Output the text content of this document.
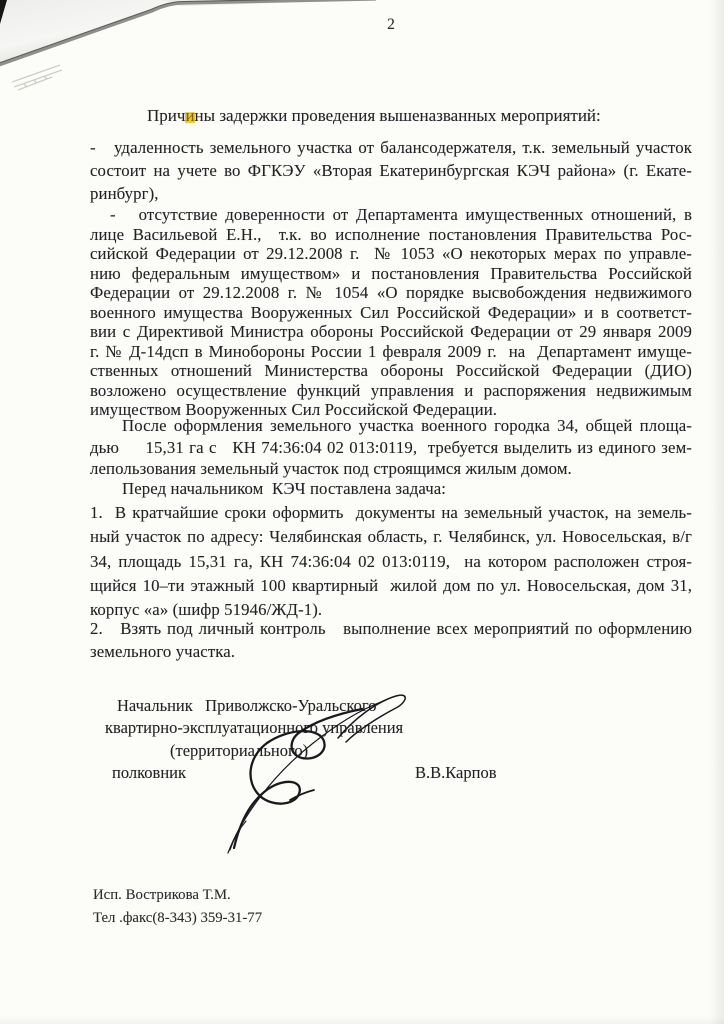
2
Причины задержки проведения вышеназванных мероприятий:
-   удаленность земельного участка от балансодержателя, т.к. земельный участок
состоит на учете во ФГКЭУ «Вторая Екатеринбургская КЭЧ района» (г. Екате-
ринбург),
-   отсутствие доверенности от Департамента имущественных отношений, в
лице Васильевой Е.Н.,  т.к. во исполнение постановления Правительства Рос-
сийской Федерации от 29.12.2008 г.  № 1053 «О некоторых мерах по управле-
нию федеральным имуществом» и постановления Правительства Российской
Федерации от 29.12.2008 г. № 1054 «О порядке высвобождения недвижимого
военного имущества Вооруженных Сил Российской Федерации» и в соответст-
вии с Директивой Министра обороны Российской Федерации от 29 января 2009
г. № Д-14дсп в Минобороны России 1 февраля 2009 г.  на  Департамент имуще-
ственных отношений Министерства обороны Российской Федерации (ДИО)
возложено осуществление функций управления и распоряжения недвижимым
имуществом Вооруженных Сил Российской Федерации.
После оформления земельного участка военного городка 34, общей площа-
дью     15,31 га с   КН 74:36:04 02 013:0119,  требуется выделить из единого зем-
лепользования земельный участок под строящимся жилым домом.
Перед начальником  КЭЧ поставлена задача:
1.  В кратчайшие сроки оформить  документы на земельный участок, на земель-
ный участок по адресу: Челябинская область, г. Челябинск, ул. Новосельская, в/г
34, площадь 15,31 га, КН 74:36:04 02 013:0119,  на котором расположен строя-
щийся 10–ти этажный 100 квартирный  жилой дом по ул. Новосельская, дом 31,
корпус «а» (шифр 51946/ЖД-1).
2.   Взять под личный контроль   выполнение всех мероприятий по оформлению
земельного участка.
Начальник   Приволжско-Уральского
квартирно-эксплуатационного управления
(территориального)
полковник	В.В.Карпов
Исп. Вострикова Т.М.
Тел .факс(8-343) 359-31-77
